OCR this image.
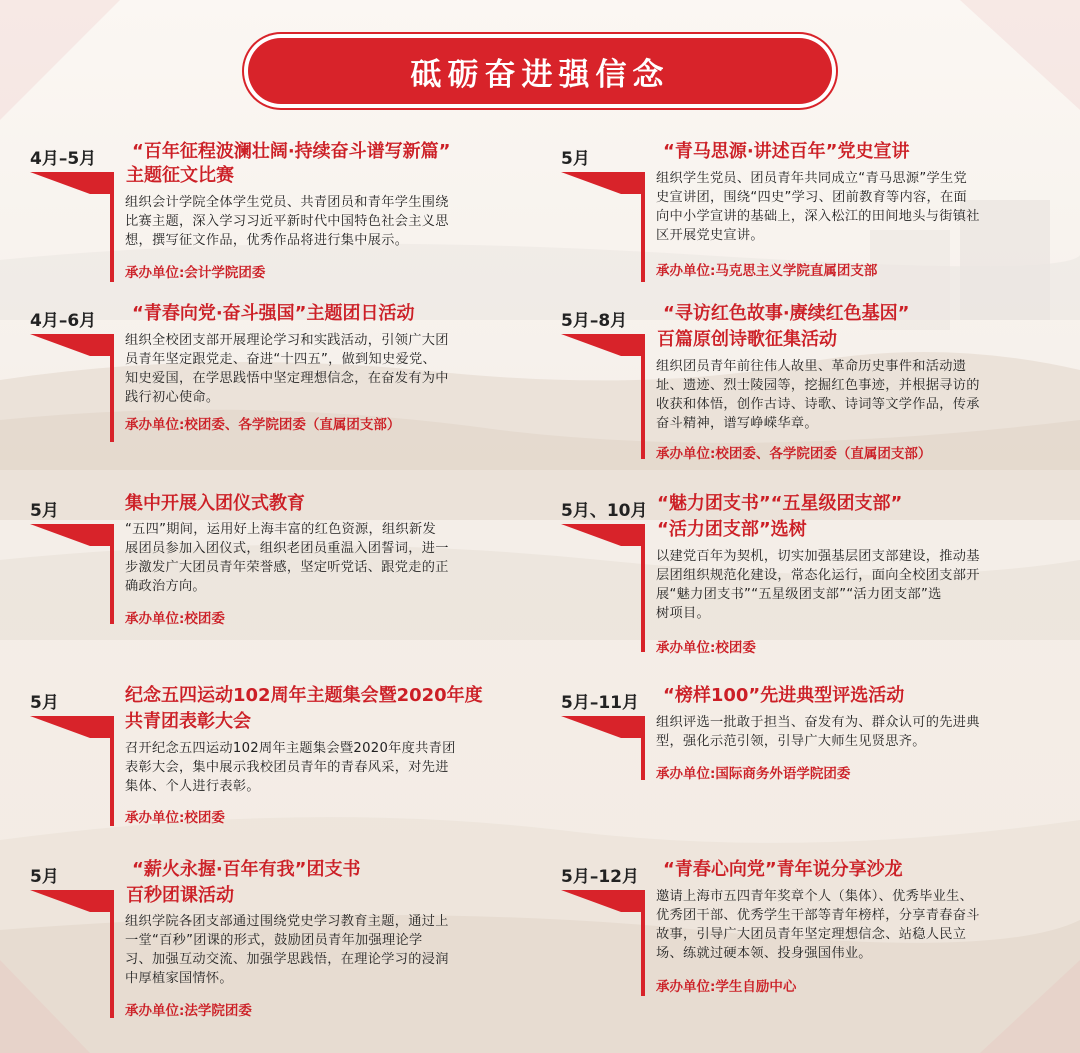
砥砺奋进强信念
4月–5月 “百年征程波澜壮阔·持续奋斗谱写新篇”
主题征文比赛
组织会计学院全体学生党员、共青团员和青年学生围绕
比赛主题，深入学习习近平新时代中国特色社会主义思
想，撰写征文作品，优秀作品将进行集中展示。
承办单位:会计学院团委
5月	“青马思源·讲述百年”党史宣讲
组织学生党员、团员青年共同成立“青马思源”学生党
史宣讲团，围绕“四史”学习、团前教育等内容，在面
向中小学宣讲的基础上，深入松江的田间地头与街镇社
区开展党史宣讲。
承办单位:马克思主义学院直属团支部
4月–6月 “青春向党·奋斗强国”主题团日活动
组织全校团支部开展理论学习和实践活动，引领广大团
员青年坚定跟党走、奋进“十四五”，做到知史爱党、
知史爱国，在学思践悟中坚定理想信念，在奋发有为中
践行初心使命。
承办单位:校团委、各学院团委（直属团支部）
5月–8月 “寻访红色故事·赓续红色基因”
百篇原创诗歌征集活动
组织团员青年前往伟人故里、革命历史事件和活动遗
址、遗迹、烈士陵园等，挖掘红色事迹，并根据寻访的
收获和体悟，创作古诗、诗歌、诗词等文学作品，传承
奋斗精神，谱写峥嵘华章。
承办单位:校团委、各学院团委（直属团支部）
5月	集中开展入团仪式教育
“五四”期间，运用好上海丰富的红色资源，组织新发
展团员参加入团仪式，组织老团员重温入团誓词，进一
步激发广大团员青年荣誉感，坚定听党话、跟党走的正
确政治方向。
承办单位:校团委
5月、10月 “魅力团支书”“五星级团支部”
“活力团支部”选树
以建党百年为契机，切实加强基层团支部建设，推动基
层团组织规范化建设，常态化运行，面向全校团支部开
展“魅力团支书”“五星级团支部”“活力团支部”选
树项目。
承办单位:校团委
5月	纪念五四运动102周年主题集会暨2020年度
共青团表彰大会
召开纪念五四运动102周年主题集会暨2020年度共青团
表彰大会，集中展示我校团员青年的青春风采，对先进
集体、个人进行表彰。
承办单位:校团委
5月–11月 “榜样100”先进典型评选活动
组织评选一批敢于担当、奋发有为、群众认可的先进典
型，强化示范引领，引导广大师生见贤思齐。
承办单位:国际商务外语学院团委
5月	“薪火永握·百年有我”团支书
百秒团课活动
组织学院各团支部通过围绕党史学习教育主题，通过上
一堂“百秒”团课的形式，鼓励团员青年加强理论学
习、加强互动交流、加强学思践悟，在理论学习的浸润
中厚植家国情怀。
承办单位:法学院团委
5月–12月 “青春心向党”青年说分享沙龙
邀请上海市五四青年奖章个人（集体）、优秀毕业生、
优秀团干部、优秀学生干部等青年榜样，分享青春奋斗
故事，引导广大团员青年坚定理想信念、站稳人民立
场、练就过硬本领、投身强国伟业。
承办单位:学生自励中心
